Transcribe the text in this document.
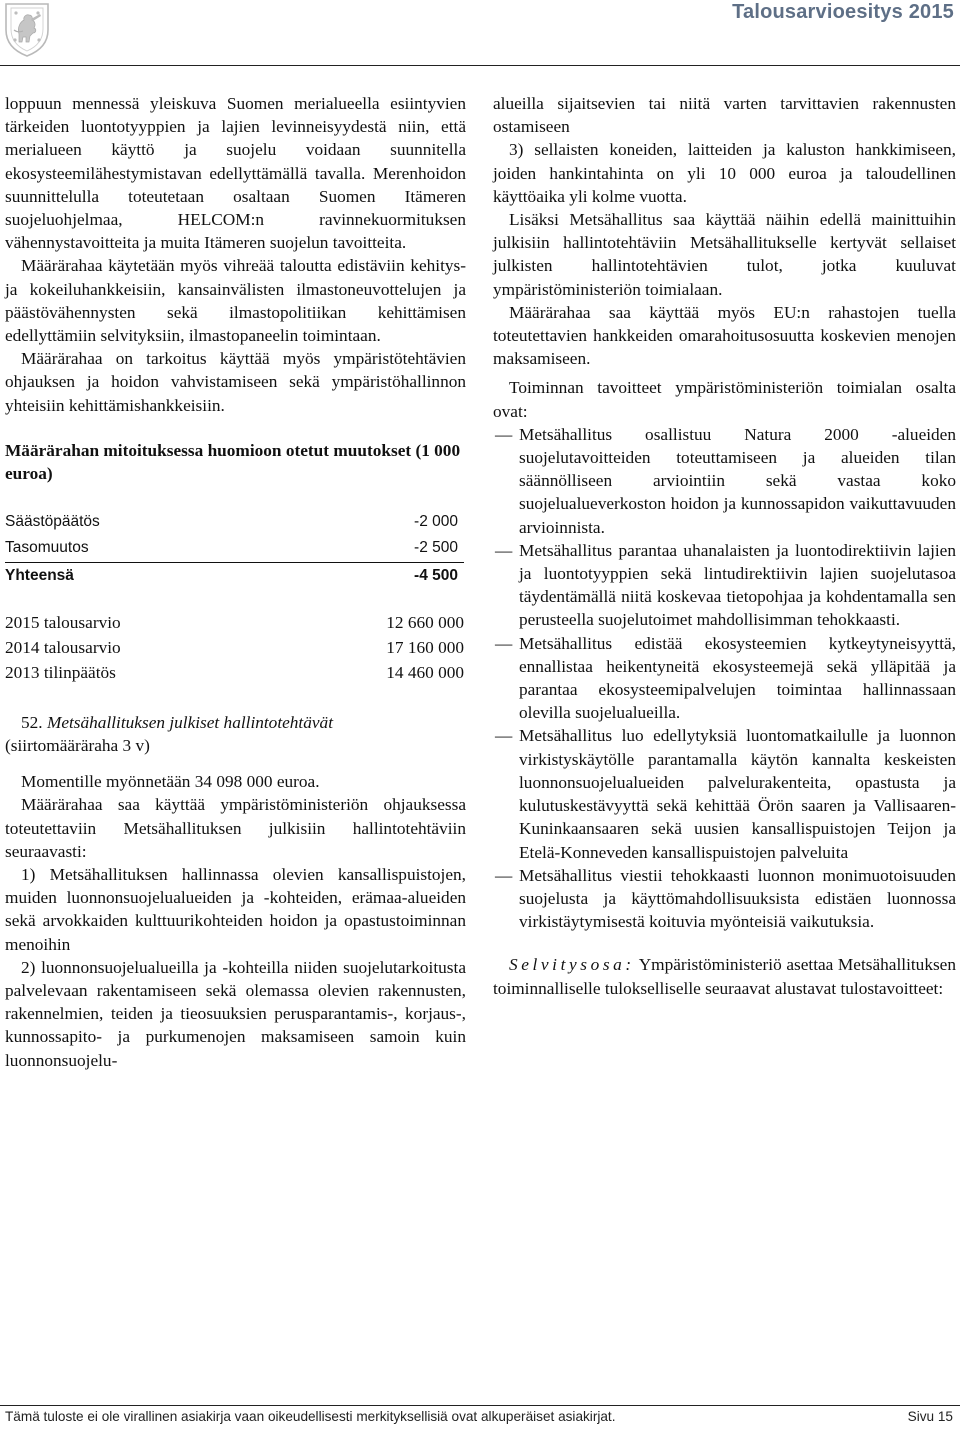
Talousarvioesitys 2015

loppuun mennessä yleiskuva Suomen merialueella esiintyvien tärkeiden luontotyyppien ja lajien levinneisyydestä niin, että merialueen käyttö ja suojelu voidaan suunnitella ekosysteemilähestymistavan edellyttämällä tavalla. Merenhoidon suunnittelulla toteutetaan osaltaan Suomen Itämeren suojeluohjelmaa, HELCOM:n ravinnekuormituksen vähennystavoitteita ja muita Itämeren suojelun tavoitteita.

Määrärahaa käytetään myös vihreää taloutta edistäviin kehitys- ja kokeiluhankkeisiin, kansainvälisten ilmastoneuvottelujen ja päästövähennysten sekä ilmastopolitiikan kehittämisen edellyttämiin selvityksiin, ilmastopaneelin toimintaan.

Määrärahaa on tarkoitus käyttää myös ympäristötehtävien ohjauksen ja hoidon vahvistamiseen sekä ympäristöhallinnon yhteisiin kehittämishankkeisiin.

Määrärahan mitoituksessa huomioon otetut muutokset (1 000 euroa)
Säästöpäätös	-2 000
Tasomuutos	-2 500
Yhteensä	-4 500
2015 talousarvio	12 660 000
2014 talousarvio	17 160 000
2013 tilinpäätös	14 460 000

52. Metsähallituksen julkiset hallintotehtävät

(siirtomääräraha 3 v)

Momentille myönnetään 34 098 000 euroa.

Määrärahaa saa käyttää ympäristöministeriön ohjauksessa toteutettaviin Metsähallituksen julkisiin hallintotehtäviin seuraavasti:

1) Metsähallituksen hallinnassa olevien kansallispuistojen, muiden luonnonsuojelualueiden ja -kohteiden, erämaa-alueiden sekä arvokkaiden kulttuurikohteiden hoidon ja opastustoiminnan menoihin

2) luonnonsuojelualueilla ja -kohteilla niiden suojelutarkoitusta palvelevaan rakentamiseen sekä olemassa olevien rakennusten, rakennelmien, teiden ja tieosuuksien perusparantamis-, korjaus-, kunnossapito- ja purkumenojen maksamiseen samoin kuin luonnonsuojelu-

alueilla sijaitsevien tai niitä varten tarvittavien rakennusten ostamiseen

3) sellaisten koneiden, laitteiden ja kaluston hankkimiseen, joiden hankintahinta on yli 10 000 euroa ja taloudellinen käyttöaika yli kolme vuotta.

Lisäksi Metsähallitus saa käyttää näihin edellä mainittuihin julkisiin hallintotehtäviin Metsähallitukselle kertyvät sellaiset julkisten hallintotehtävien tulot, jotka kuuluvat ympäristöministeriön toimialaan.

Määrärahaa saa käyttää myös EU:n rahastojen tuella toteutettavien hankkeiden omarahoitusosuutta koskevien menojen maksamiseen.

Toiminnan tavoitteet ympäristöministeriön toimialan osalta ovat:

—
Metsähallitus osallistuu Natura 2000 -alueiden suojelutavoitteiden toteuttamiseen ja alueiden tilan säännölliseen arviointiin sekä vastaa koko suojelualueverkoston hoidon ja kunnossapidon vaikuttavuuden arvioinnista.
—
Metsähallitus parantaa uhanalaisten ja luontodirektiivin lajien ja luontotyyppien sekä lintudirektiivin lajien suojelutasoa täydentämällä niitä koskevaa tietopohjaa ja kohdentamalla sen perusteella suojelutoimet mahdollisimman tehokkaasti.
—
Metsähallitus edistää ekosysteemien kytkeytyneisyyttä, ennallistaa heikentyneitä ekosysteemejä sekä ylläpitää ja parantaa ekosysteemipalvelujen toimintaa hallinnassaan olevilla suojelualueilla.
—
Metsähallitus luo edellytyksiä luontomatkailulle ja luonnon virkistyskäytölle parantamalla käytön kannalta keskeisten luonnonsuojelualueiden palvelurakenteita, opastusta ja kulutuskestävyyttä sekä kehittää Örön saaren ja Vallisaaren-Kuninkaansaaren sekä uusien kansallispuistojen Teijon ja Etelä-Konneveden kansallispuistojen palveluita
—
Metsähallitus viestii tehokkaasti luonnon monimuotoisuuden suojelusta ja käyttömahdollisuuksista edistäen luonnossa virkistäytymisestä koituvia myönteisiä vaikutuksia.

Selvitysosa: Ympäristöministeriö asettaa Metsähallituksen toiminnalliselle tulokselliselle seuraavat alustavat tulostavoitteet:

Tämä tuloste ei ole virallinen asiakirja vaan oikeudellisesti merkityksellisiä ovat alkuperäiset asiakirjat.	Sivu 15
